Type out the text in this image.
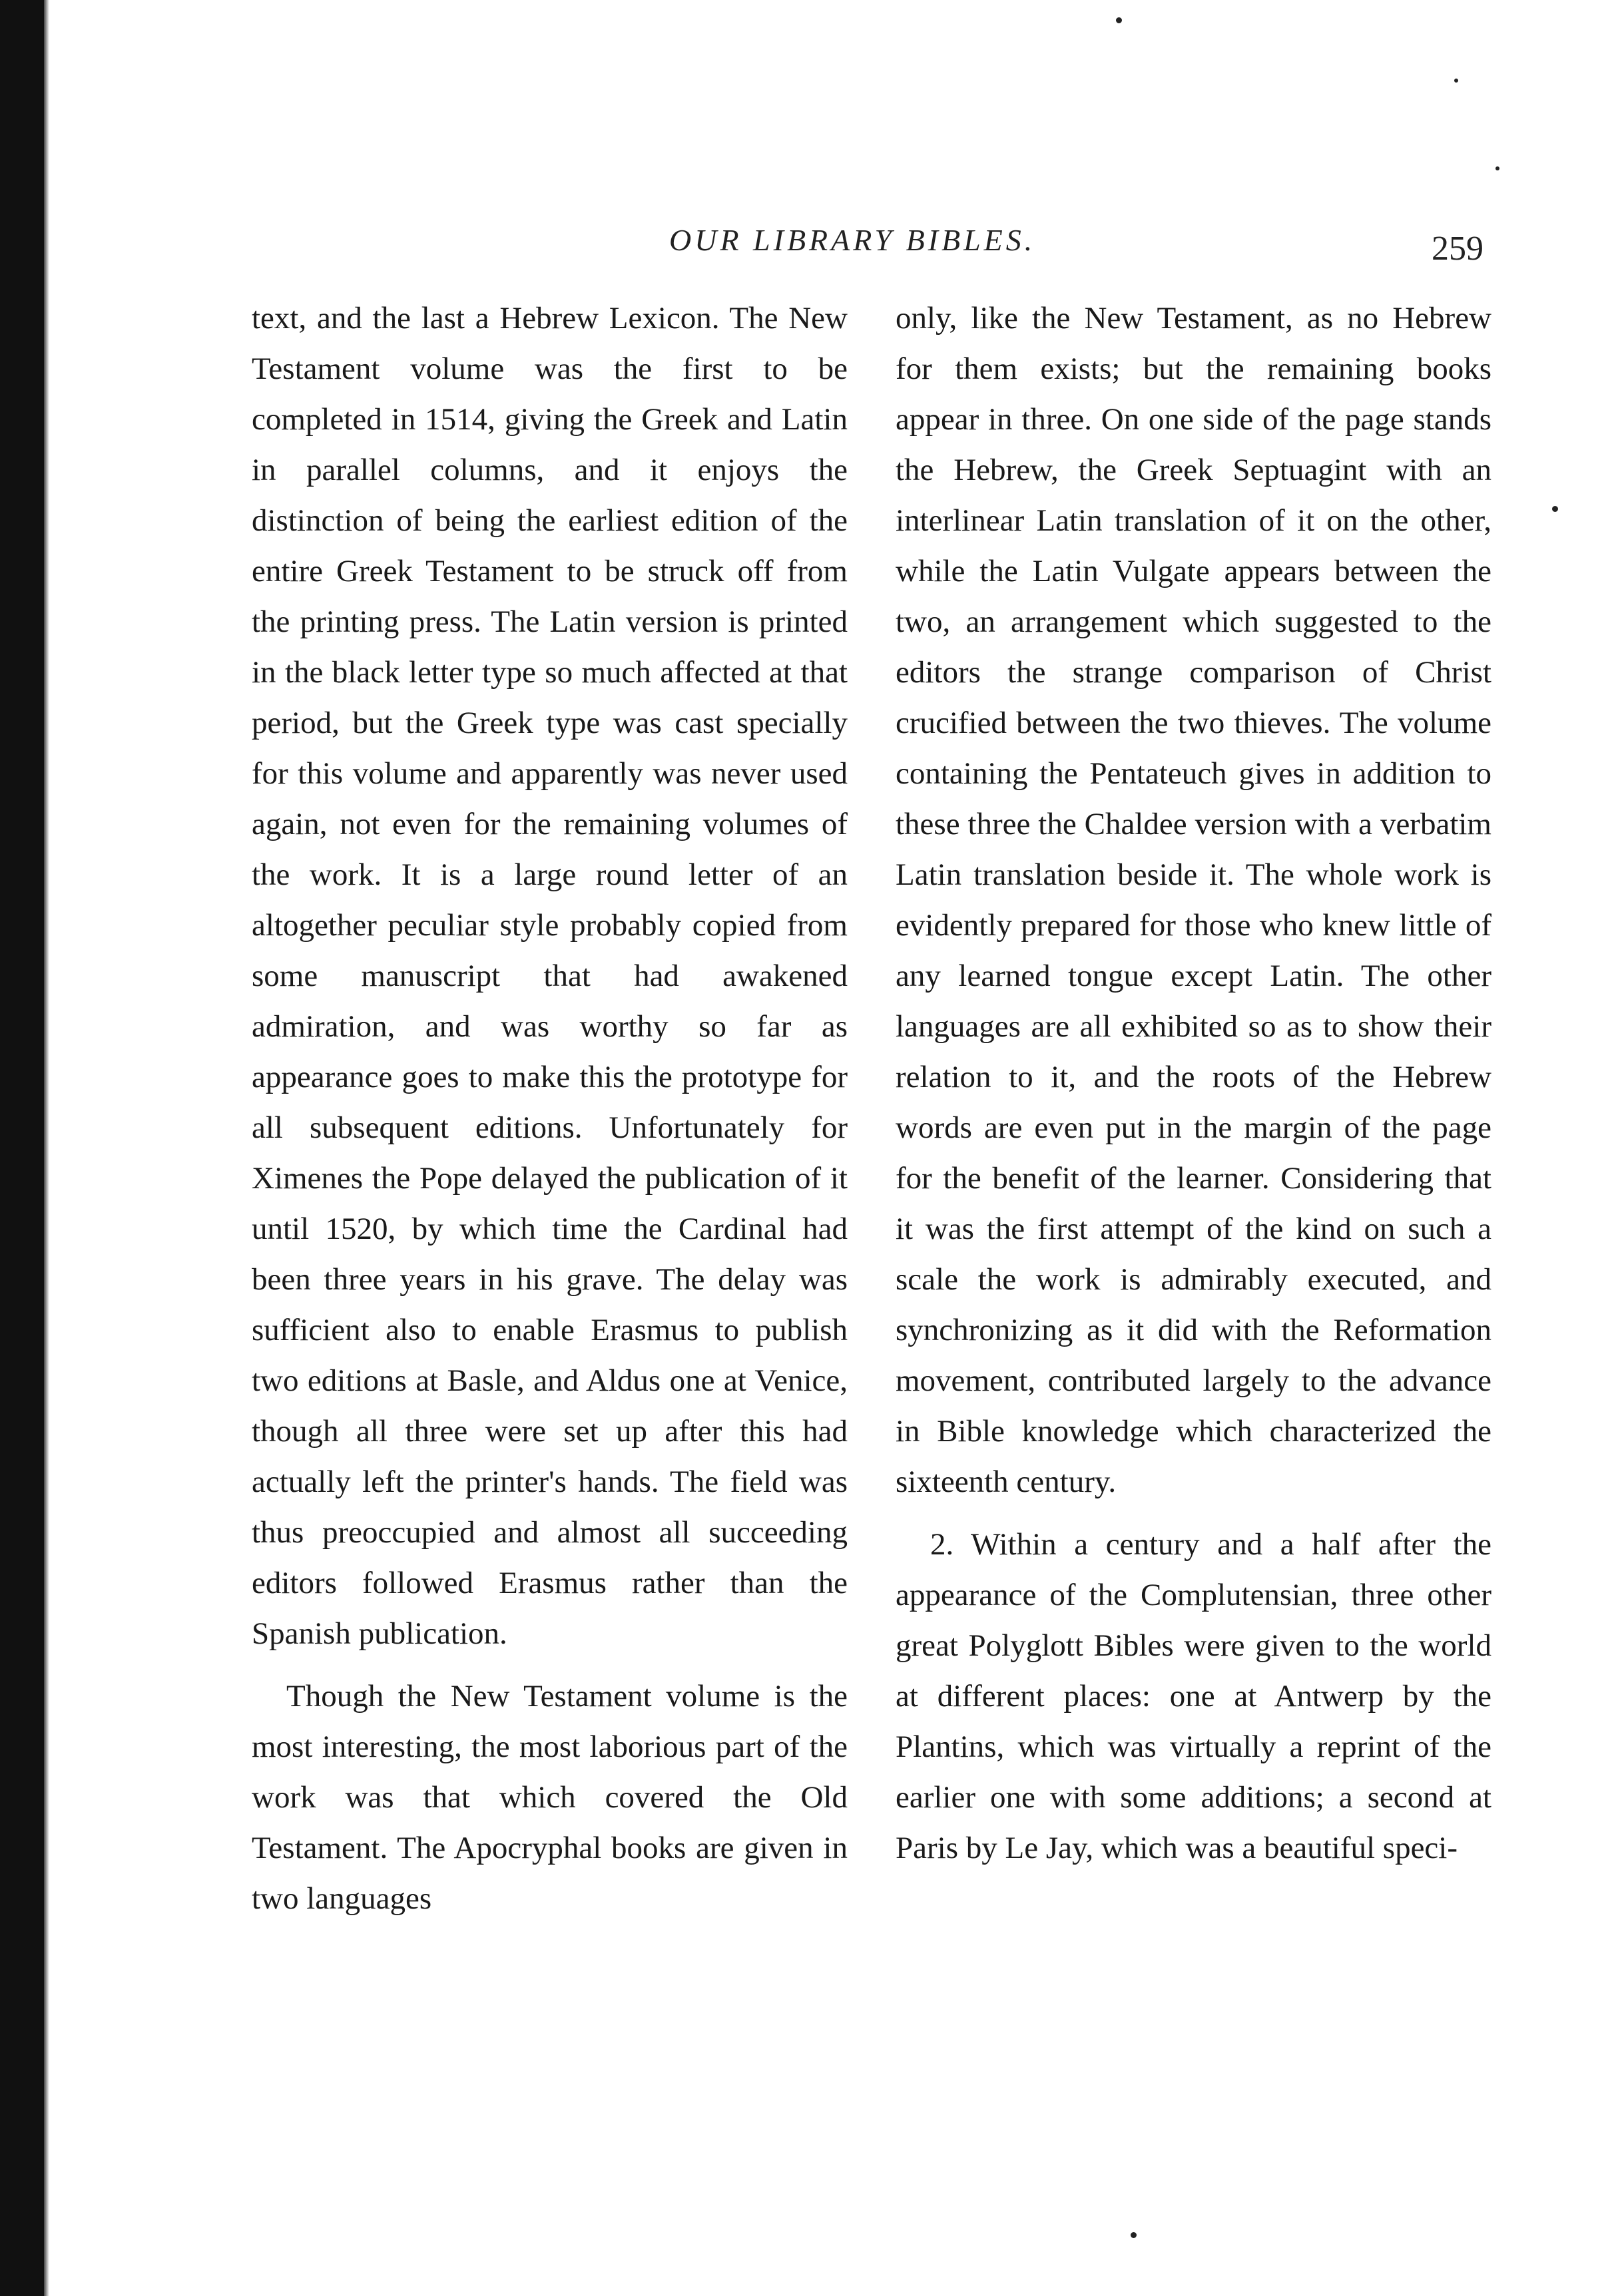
OUR LIBRARY BIBLES.	259

text, and the last a Hebrew Lexicon. The New Testament volume was the first to be completed in 1514, giving the Greek and Latin in parallel columns, and it enjoys the distinction of being the earliest edition of the entire Greek Testament to be struck off from the printing press. The Latin version is printed in the black letter type so much affected at that period, but the Greek type was cast specially for this volume and apparently was never used again, not even for the remaining volumes of the work. It is a large round letter of an altogether peculiar style probably copied from some manuscript that had awakened admiration, and was worthy so far as appearance goes to make this the prototype for all subsequent editions. Unfortunately for Ximenes the Pope delayed the publication of it until 1520, by which time the Cardinal had been three years in his grave. The delay was sufficient also to enable Erasmus to publish two editions at Basle, and Aldus one at Venice, though all three were set up after this had actually left the printer's hands. The field was thus preoccupied and almost all succeeding editors followed Erasmus rather than the Spanish publication.

Though the New Testament volume is the most interesting, the most laborious part of the work was that which covered the Old Testament. The Apocryphal books are given in two languages

only, like the New Testament, as no Hebrew for them exists; but the remaining books appear in three. On one side of the page stands the Hebrew, the Greek Septuagint with an interlinear Latin translation of it on the other, while the Latin Vulgate appears between the two, an arrangement which suggested to the editors the strange comparison of Christ crucified between the two thieves. The volume containing the Pentateuch gives in addition to these three the Chaldee version with a verbatim Latin translation beside it. The whole work is evidently prepared for those who knew little of any learned tongue except Latin. The other languages are all exhibited so as to show their relation to it, and the roots of the Hebrew words are even put in the margin of the page for the benefit of the learner. Considering that it was the first attempt of the kind on such a scale the work is admirably executed, and synchronizing as it did with the Reformation movement, contributed largely to the advance in Bible knowledge which characterized the sixteenth century.

2. Within a century and a half after the appearance of the Complutensian, three other great Polyglott Bibles were given to the world at different places: one at Antwerp by the Plantins, which was virtually a reprint of the earlier one with some additions; a second at Paris by Le Jay, which was a beautiful speci-
